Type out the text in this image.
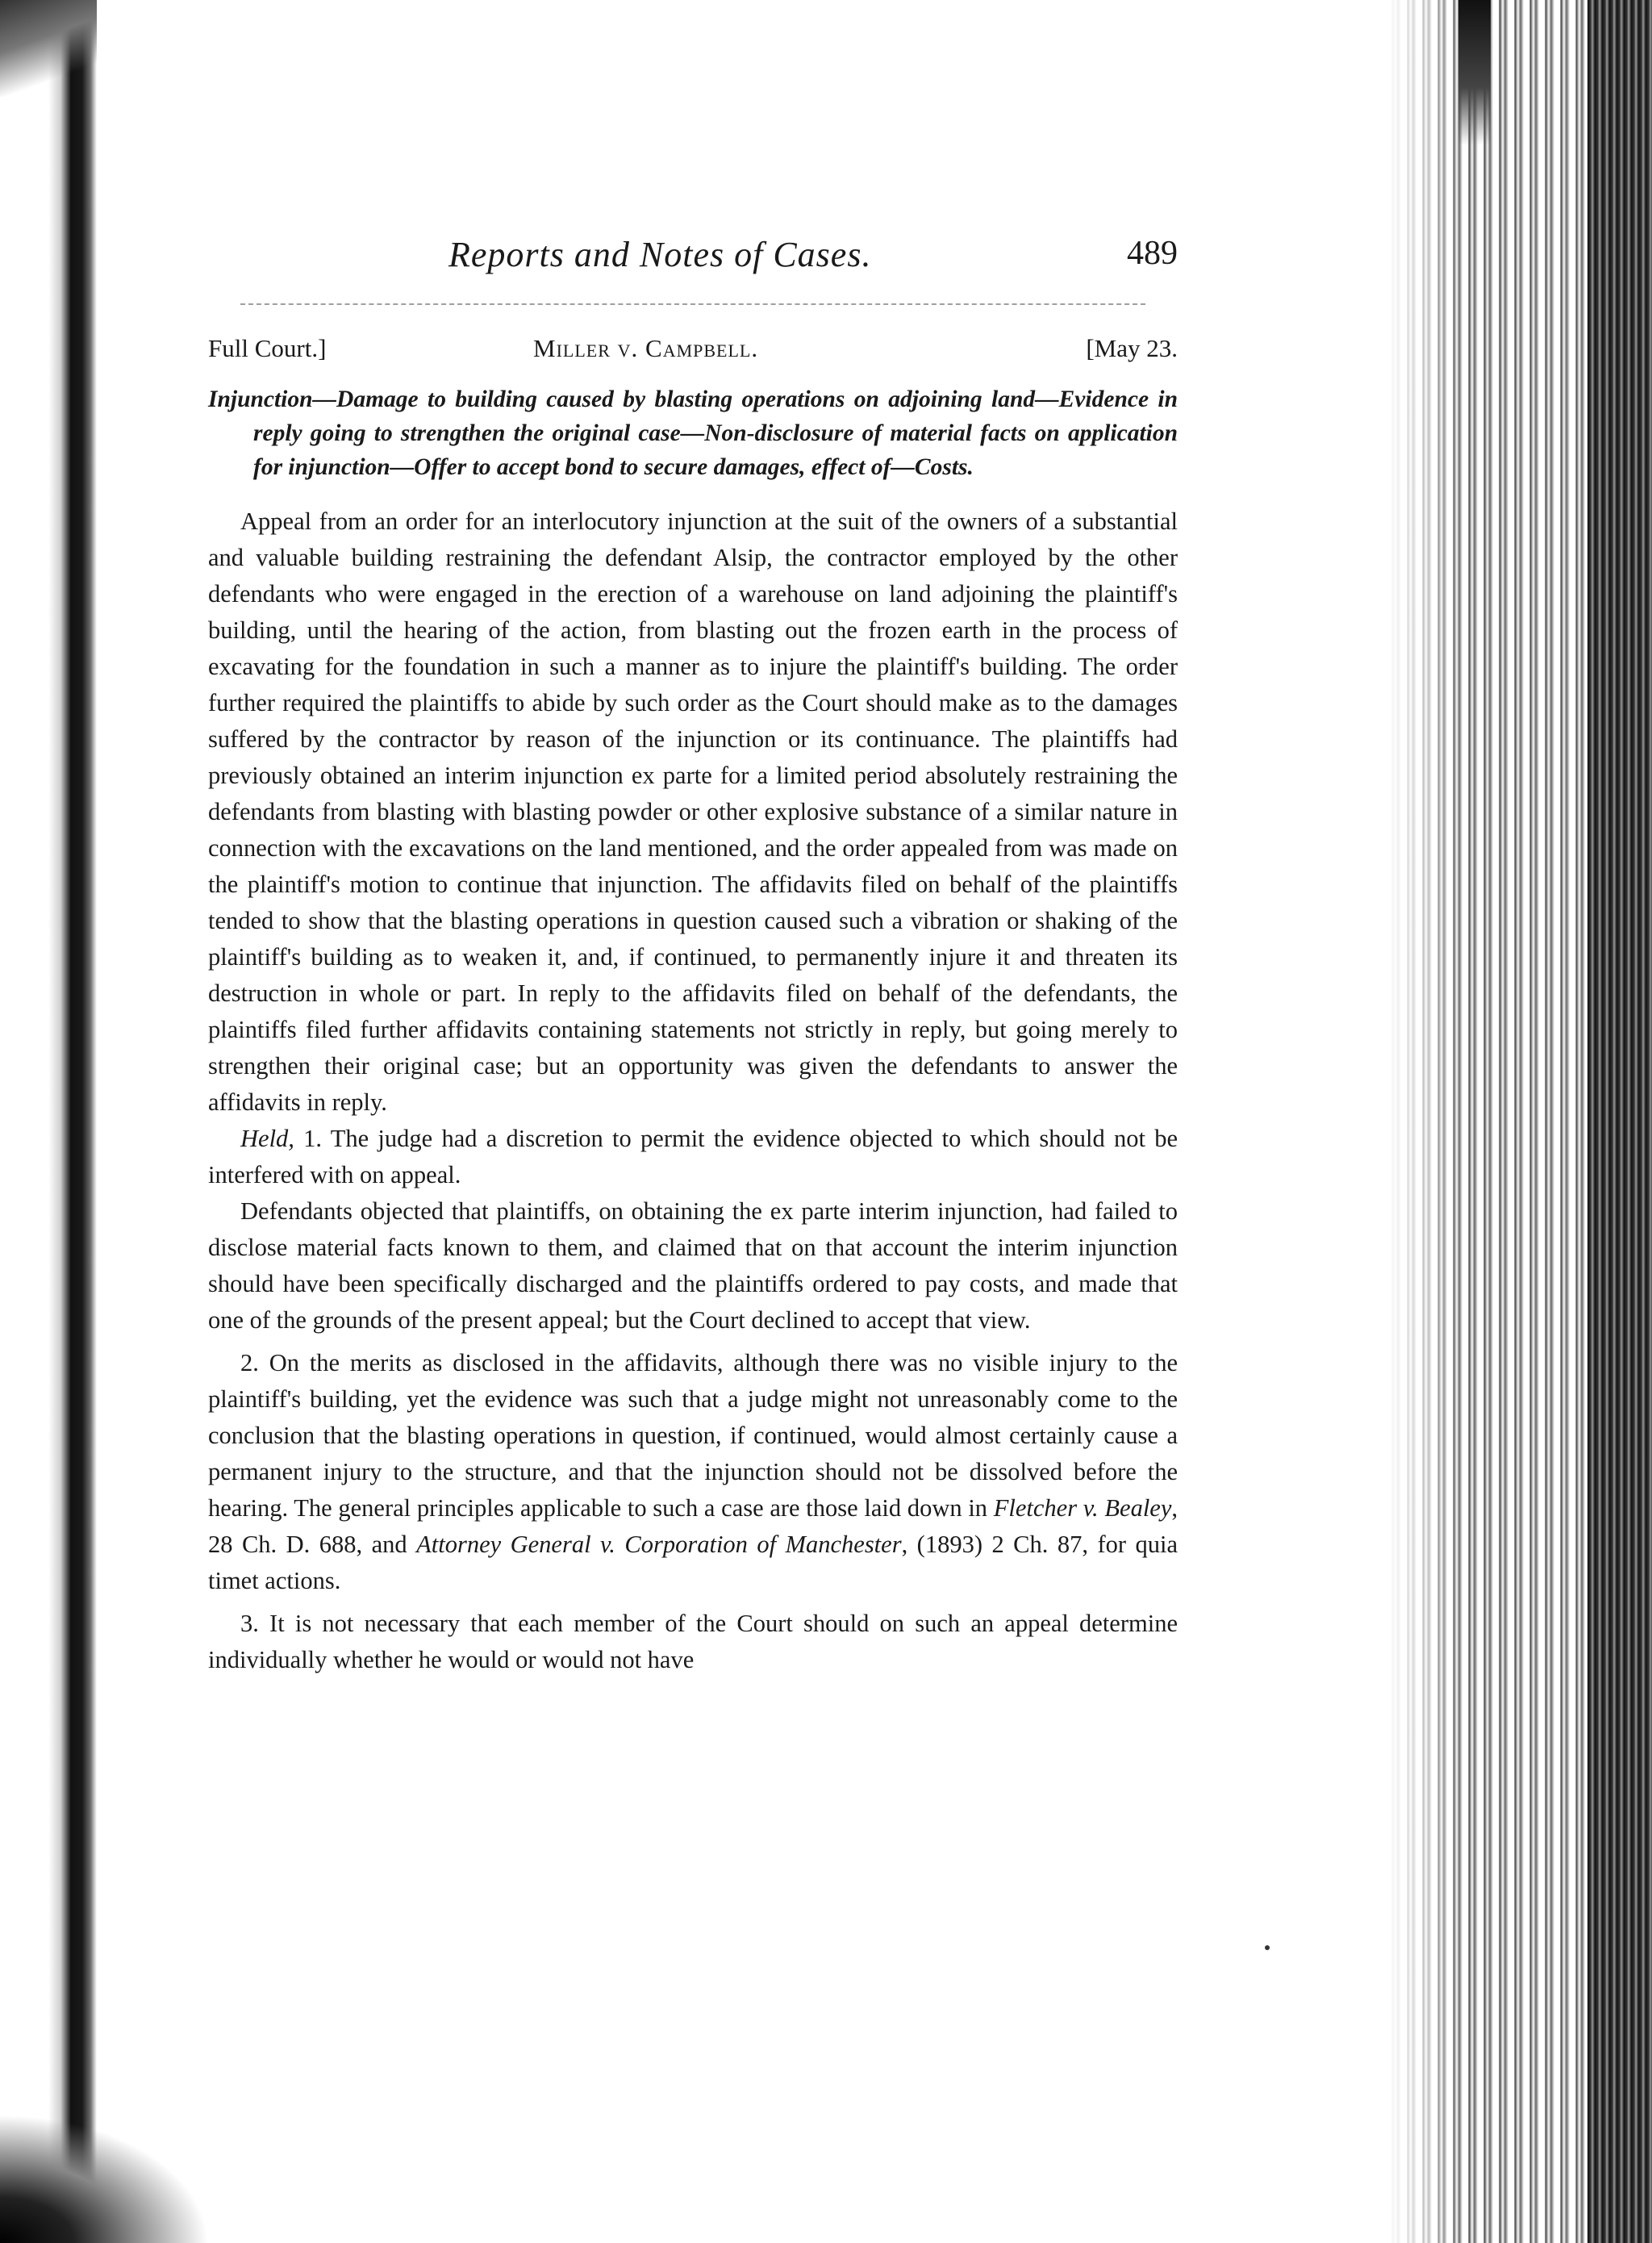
Reports and Notes of Cases.	489
Full Court.]	Miller v. Campbell.	[May 23.
Injunction—Damage to building caused by blasting operations on adjoining land—Evidence in reply going to strengthen the original case—Non-disclosure of material facts on application for injunction—Offer to accept bond to secure damages, effect of—Costs.

Appeal from an order for an interlocutory injunction at the suit of the owners of a substantial and valuable building restraining the defendant Alsip, the contractor employed by the other defendants who were engaged in the erection of a warehouse on land adjoining the plaintiff's building, until the hearing of the action, from blasting out the frozen earth in the process of excavating for the foundation in such a manner as to injure the plaintiff's building. The order further required the plaintiffs to abide by such order as the Court should make as to the damages suffered by the contractor by reason of the injunction or its continuance. The plaintiffs had previously obtained an interim injunction ex parte for a limited period absolutely restraining the defendants from blasting with blasting powder or other explosive substance of a similar nature in connection with the excavations on the land mentioned, and the order appealed from was made on the plaintiff's motion to continue that injunction. The affidavits filed on behalf of the plaintiffs tended to show that the blasting operations in question caused such a vibration or shaking of the plaintiff's building as to weaken it, and, if continued, to permanently injure it and threaten its destruction in whole or part. In reply to the affidavits filed on behalf of the defendants, the plaintiffs filed further affidavits containing statements not strictly in reply, but going merely to strengthen their original case; but an opportunity was given the defendants to answer the affidavits in reply.

Held, 1. The judge had a discretion to permit the evidence objected to which should not be interfered with on appeal.

Defendants objected that plaintiffs, on obtaining the ex parte interim injunction, had failed to disclose material facts known to them, and claimed that on that account the interim injunction should have been specifically discharged and the plaintiffs ordered to pay costs, and made that one of the grounds of the present appeal; but the Court declined to accept that view.

2. On the merits as disclosed in the affidavits, although there was no visible injury to the plaintiff's building, yet the evidence was such that a judge might not unreasonably come to the conclusion that the blasting operations in question, if continued, would almost certainly cause a permanent injury to the structure, and that the injunction should not be dissolved before the hearing. The general principles applicable to such a case are those laid down in Fletcher v. Bealey, 28 Ch. D. 688, and Attorney General v. Corporation of Manchester, (1893) 2 Ch. 87, for quia timet actions.

3. It is not necessary that each member of the Court should on such an appeal determine individually whether he would or would not have
